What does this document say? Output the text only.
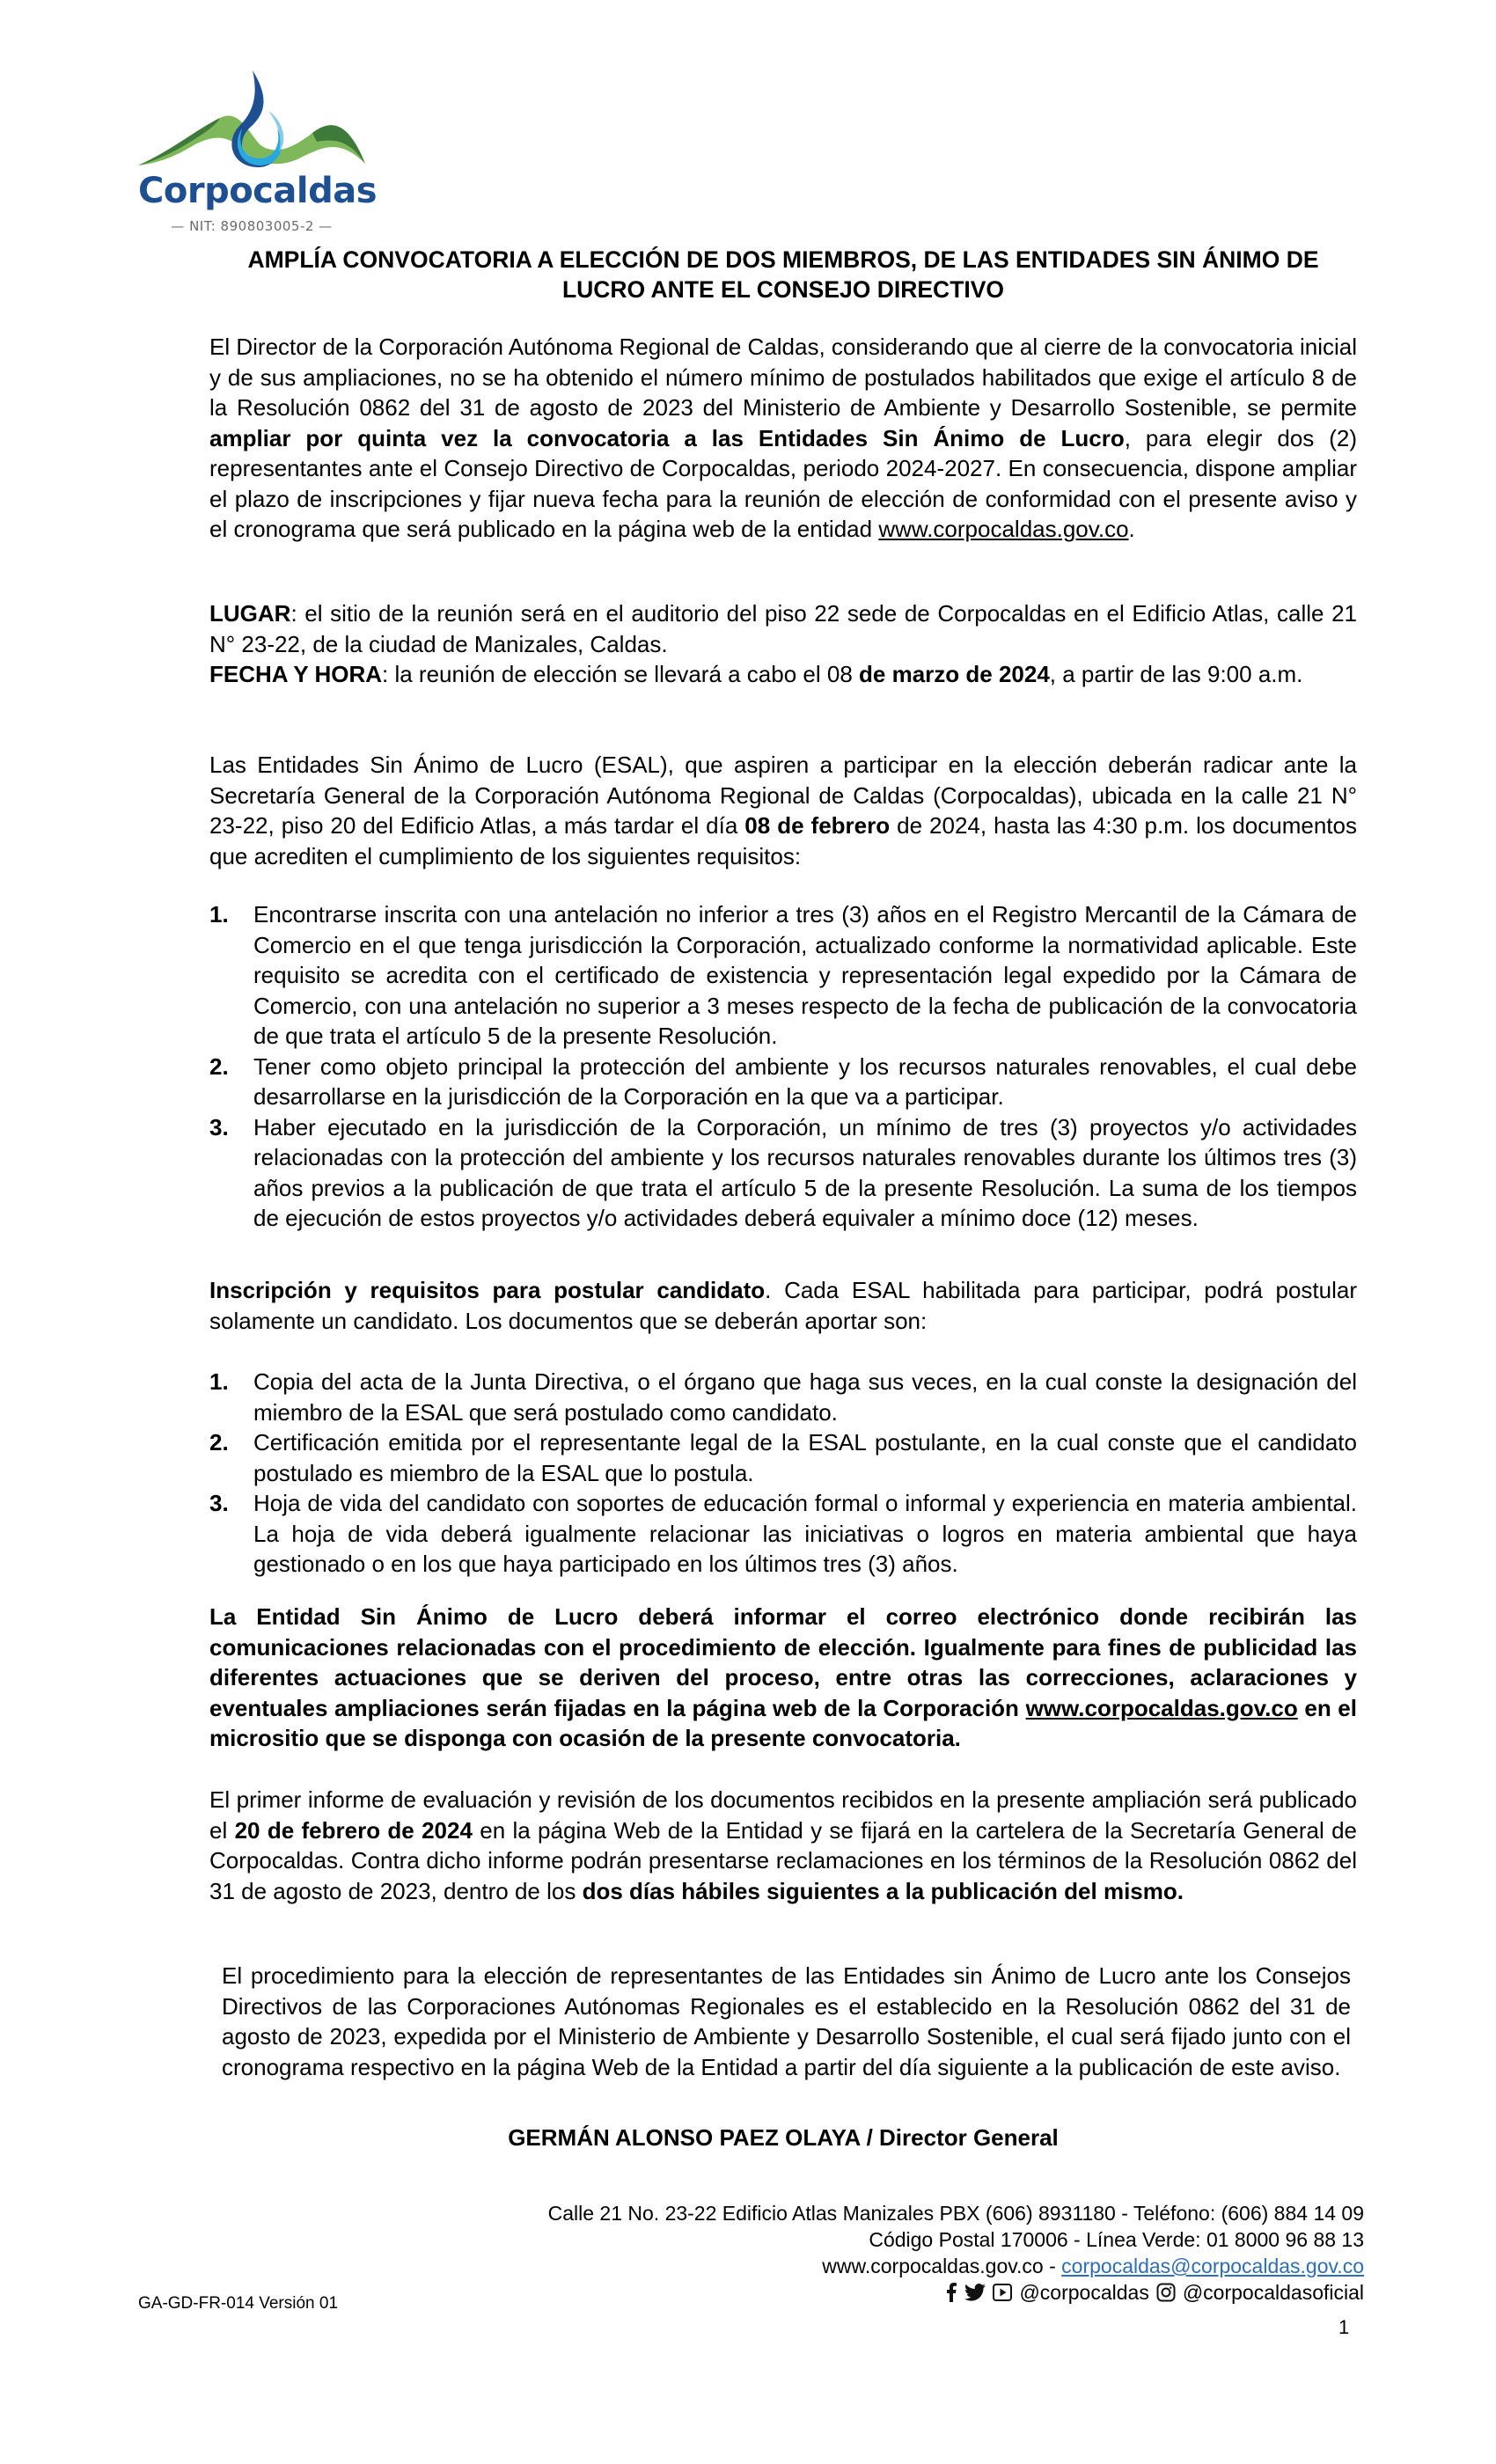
Corpocaldas
— NIT: 890803005-2 —
AMPLÍA CONVOCATORIA A ELECCIÓN DE DOS MIEMBROS, DE LAS ENTIDADES SIN ÁNIMO DE
LUCRO ANTE EL CONSEJO DIRECTIVO

El Director de la Corporación Autónoma Regional de Caldas, considerando que al cierre de la convocatoria inicial y de sus ampliaciones, no se ha obtenido el número mínimo de postulados habilitados que exige el artículo 8 de la Resolución 0862 del 31 de agosto de 2023 del Ministerio de Ambiente y Desarrollo Sostenible, se permite ampliar por quinta vez la convocatoria a las Entidades Sin Ánimo de Lucro, para elegir dos (2) representantes ante el Consejo Directivo de Corpocaldas, periodo 2024-2027. En consecuencia, dispone ampliar el plazo de inscripciones y fijar nueva fecha para la reunión de elección de conformidad con el presente aviso y el cronograma que será publicado en la página web de la entidad www.corpocaldas.gov.co.

LUGAR: el sitio de la reunión será en el auditorio del piso 22 sede de Corpocaldas en el Edificio Atlas, calle 21 N° 23-22, de la ciudad de Manizales, Caldas.

FECHA Y HORA: la reunión de elección se llevará a cabo el 08 de marzo de 2024, a partir de las 9:00 a.m.

Las Entidades Sin Ánimo de Lucro (ESAL), que aspiren a participar en la elección deberán radicar ante la Secretaría General de la Corporación Autónoma Regional de Caldas (Corpocaldas), ubicada en la calle 21 N° 23-22, piso 20 del Edificio Atlas, a más tardar el día 08 de febrero de 2024, hasta las 4:30 p.m. los documentos que acrediten el cumplimiento de los siguientes requisitos:

1. Encontrarse inscrita con una antelación no inferior a tres (3) años en el Registro Mercantil de la Cámara de Comercio en el que tenga jurisdicción la Corporación, actualizado conforme la normatividad aplicable. Este requisito se acredita con el certificado de existencia y representación legal expedido por la Cámara de Comercio, con una antelación no superior a 3 meses respecto de la fecha de publicación de la convocatoria de que trata el artículo 5 de la presente Resolución.
2. Tener como objeto principal la protección del ambiente y los recursos naturales renovables, el cual debe desarrollarse en la jurisdicción de la Corporación en la que va a participar.
3. Haber ejecutado en la jurisdicción de la Corporación, un mínimo de tres (3) proyectos y/o actividades relacionadas con la protección del ambiente y los recursos naturales renovables durante los últimos tres (3) años previos a la publicación de que trata el artículo 5 de la presente Resolución. La suma de los tiempos de ejecución de estos proyectos y/o actividades deberá equivaler a mínimo doce (12) meses.

Inscripción y requisitos para postular candidato. Cada ESAL habilitada para participar, podrá postular solamente un candidato. Los documentos que se deberán aportar son:

1. Copia del acta de la Junta Directiva, o el órgano que haga sus veces, en la cual conste la designación del miembro de la ESAL que será postulado como candidato.
2. Certificación emitida por el representante legal de la ESAL postulante, en la cual conste que el candidato postulado es miembro de la ESAL que lo postula.
3. Hoja de vida del candidato con soportes de educación formal o informal y experiencia en materia ambiental. La hoja de vida deberá igualmente relacionar las iniciativas o logros en materia ambiental que haya gestionado o en los que haya participado en los últimos tres (3) años.

La Entidad Sin Ánimo de Lucro deberá informar el correo electrónico donde recibirán las comunicaciones relacionadas con el procedimiento de elección. Igualmente para fines de publicidad las diferentes actuaciones que se deriven del proceso, entre otras las correcciones, aclaraciones y eventuales ampliaciones serán fijadas en la página web de la Corporación www.corpocaldas.gov.co en el micrositio que se disponga con ocasión de la presente convocatoria.

El primer informe de evaluación y revisión de los documentos recibidos en la presente ampliación será publicado el 20 de febrero de 2024 en la página Web de la Entidad y se fijará en la cartelera de la Secretaría General de Corpocaldas. Contra dicho informe podrán presentarse reclamaciones en los términos de la Resolución 0862 del 31 de agosto de 2023, dentro de los dos días hábiles siguientes a la publicación del mismo.

El procedimiento para la elección de representantes de las Entidades sin Ánimo de Lucro ante los Consejos Directivos de las Corporaciones Autónomas Regionales es el establecido en la Resolución 0862 del 31 de agosto de 2023, expedida por el Ministerio de Ambiente y Desarrollo Sostenible, el cual será fijado junto con el cronograma respectivo en la página Web de la Entidad a partir del día siguiente a la publicación de este aviso.

GERMÁN ALONSO PAEZ OLAYA / Director General
Calle 21 No. 23-22 Edificio Atlas Manizales PBX (606) 8931180 - Teléfono: (606) 884 14 09
Código Postal 170006 - Línea Verde: 01 8000 96 88 13
www.corpocaldas.gov.co - corpocaldas@corpocaldas.gov.co
@corpocaldas @corpocaldasoficial
GA-GD-FR-014 Versión 01
1
